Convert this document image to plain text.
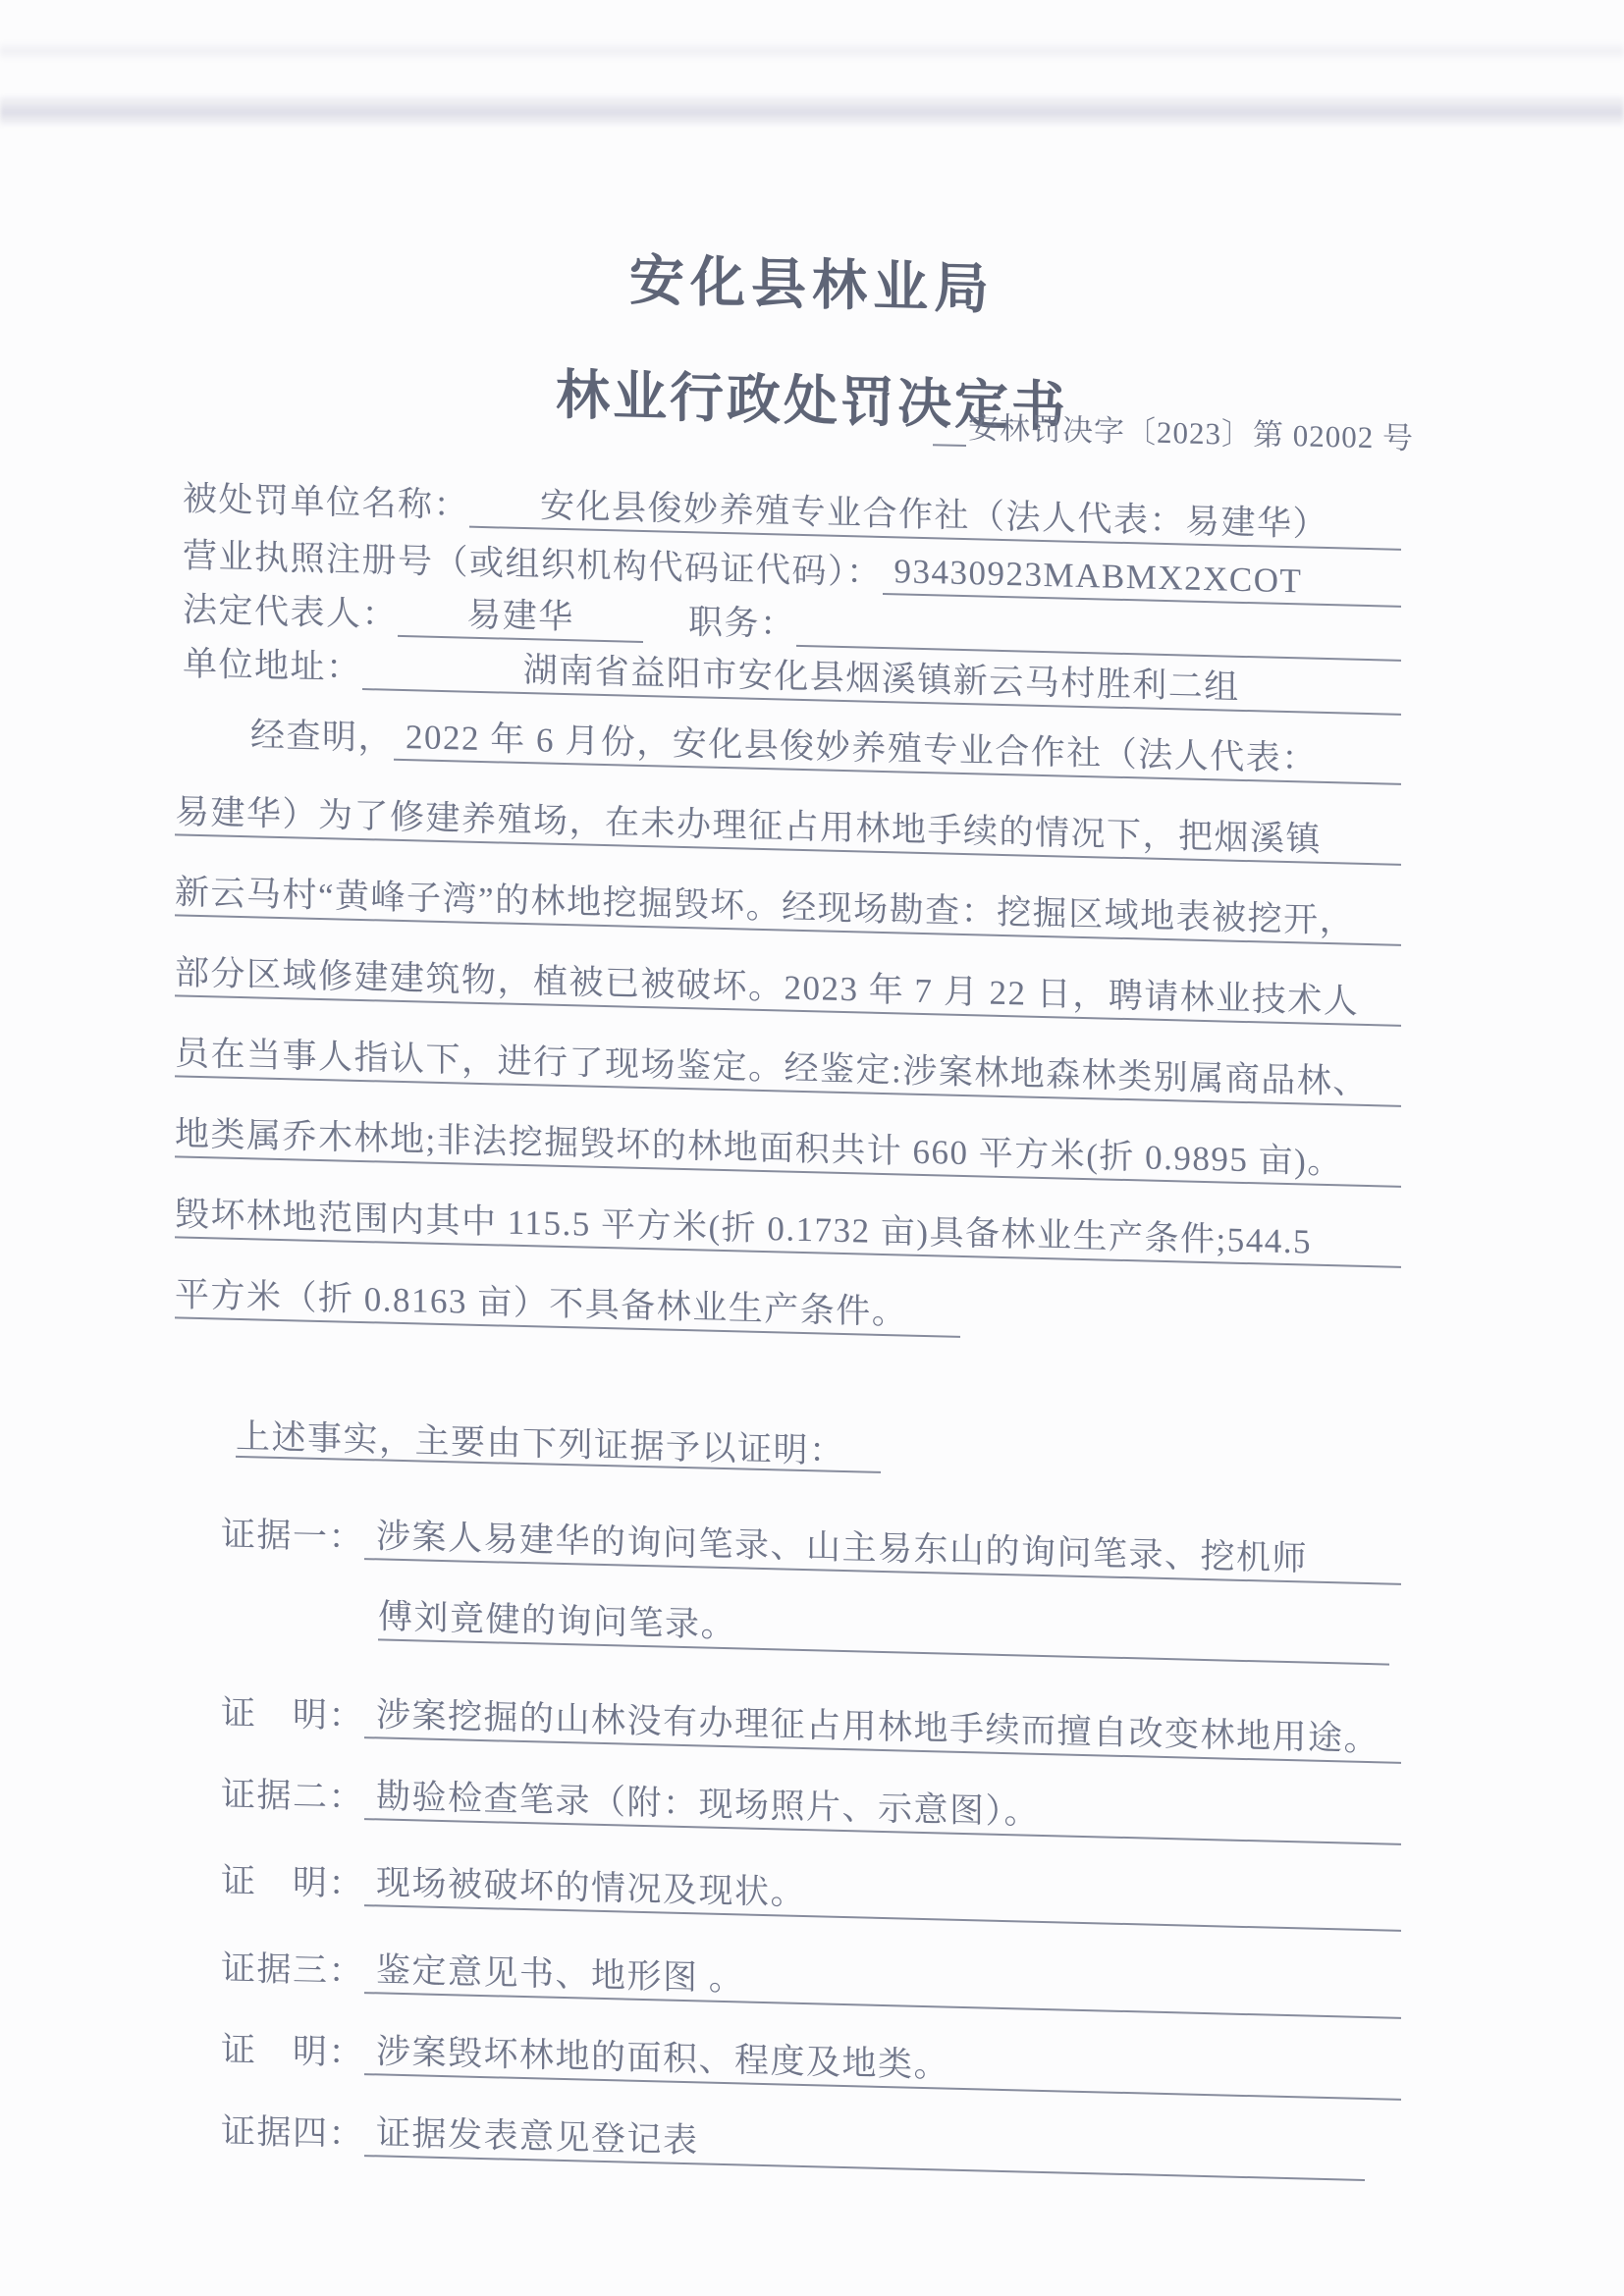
安化县林业局
林业行政处罚决定书
安林罚决字〔2023〕第 02002 号
被处罚单位名称：	安化县俊妙养殖专业合作社（法人代表：易建华）
营业执照注册号（或组织机构代码证代码）： 93430923MABMX2XCOT
法定代表人：	易建华	职务：
单位地址：	湖南省益阳市安化县烟溪镇新云马村胜利二组
经查明， 2022 年 6 月份，安化县俊妙养殖专业合作社（法人代表：
易建华）为了修建养殖场，在未办理征占用林地手续的情况下，把烟溪镇
新云马村“黄峰子湾”的林地挖掘毁坏。经现场勘查：挖掘区域地表被挖开，
部分区域修建建筑物，植被已被破坏。2023 年 7 月 22 日，聘请林业技术人
员在当事人指认下，进行了现场鉴定。经鉴定:涉案林地森林类别属商品林、
地类属乔木林地;非法挖掘毁坏的林地面积共计 660 平方米(折 0.9895 亩)。
毁坏林地范围内其中 115.5 平方米(折 0.1732 亩)具备林业生产条件;544.5
平方米（折 0.8163 亩）不具备林业生产条件。
上述事实，主要由下列证据予以证明：
证据一： 涉案人易建华的询问笔录、山主易东山的询问笔录、挖机师
傅刘竟健的询问笔录。
证　明： 涉案挖掘的山林没有办理征占用林地手续而擅自改变林地用途。
证据二： 勘验检查笔录（附：现场照片、示意图）。
证　明： 现场被破坏的情况及现状。
证据三： 鉴定意见书、地形图 。
证　明： 涉案毁坏林地的面积、程度及地类。
证据四： 证据发表意见登记表
